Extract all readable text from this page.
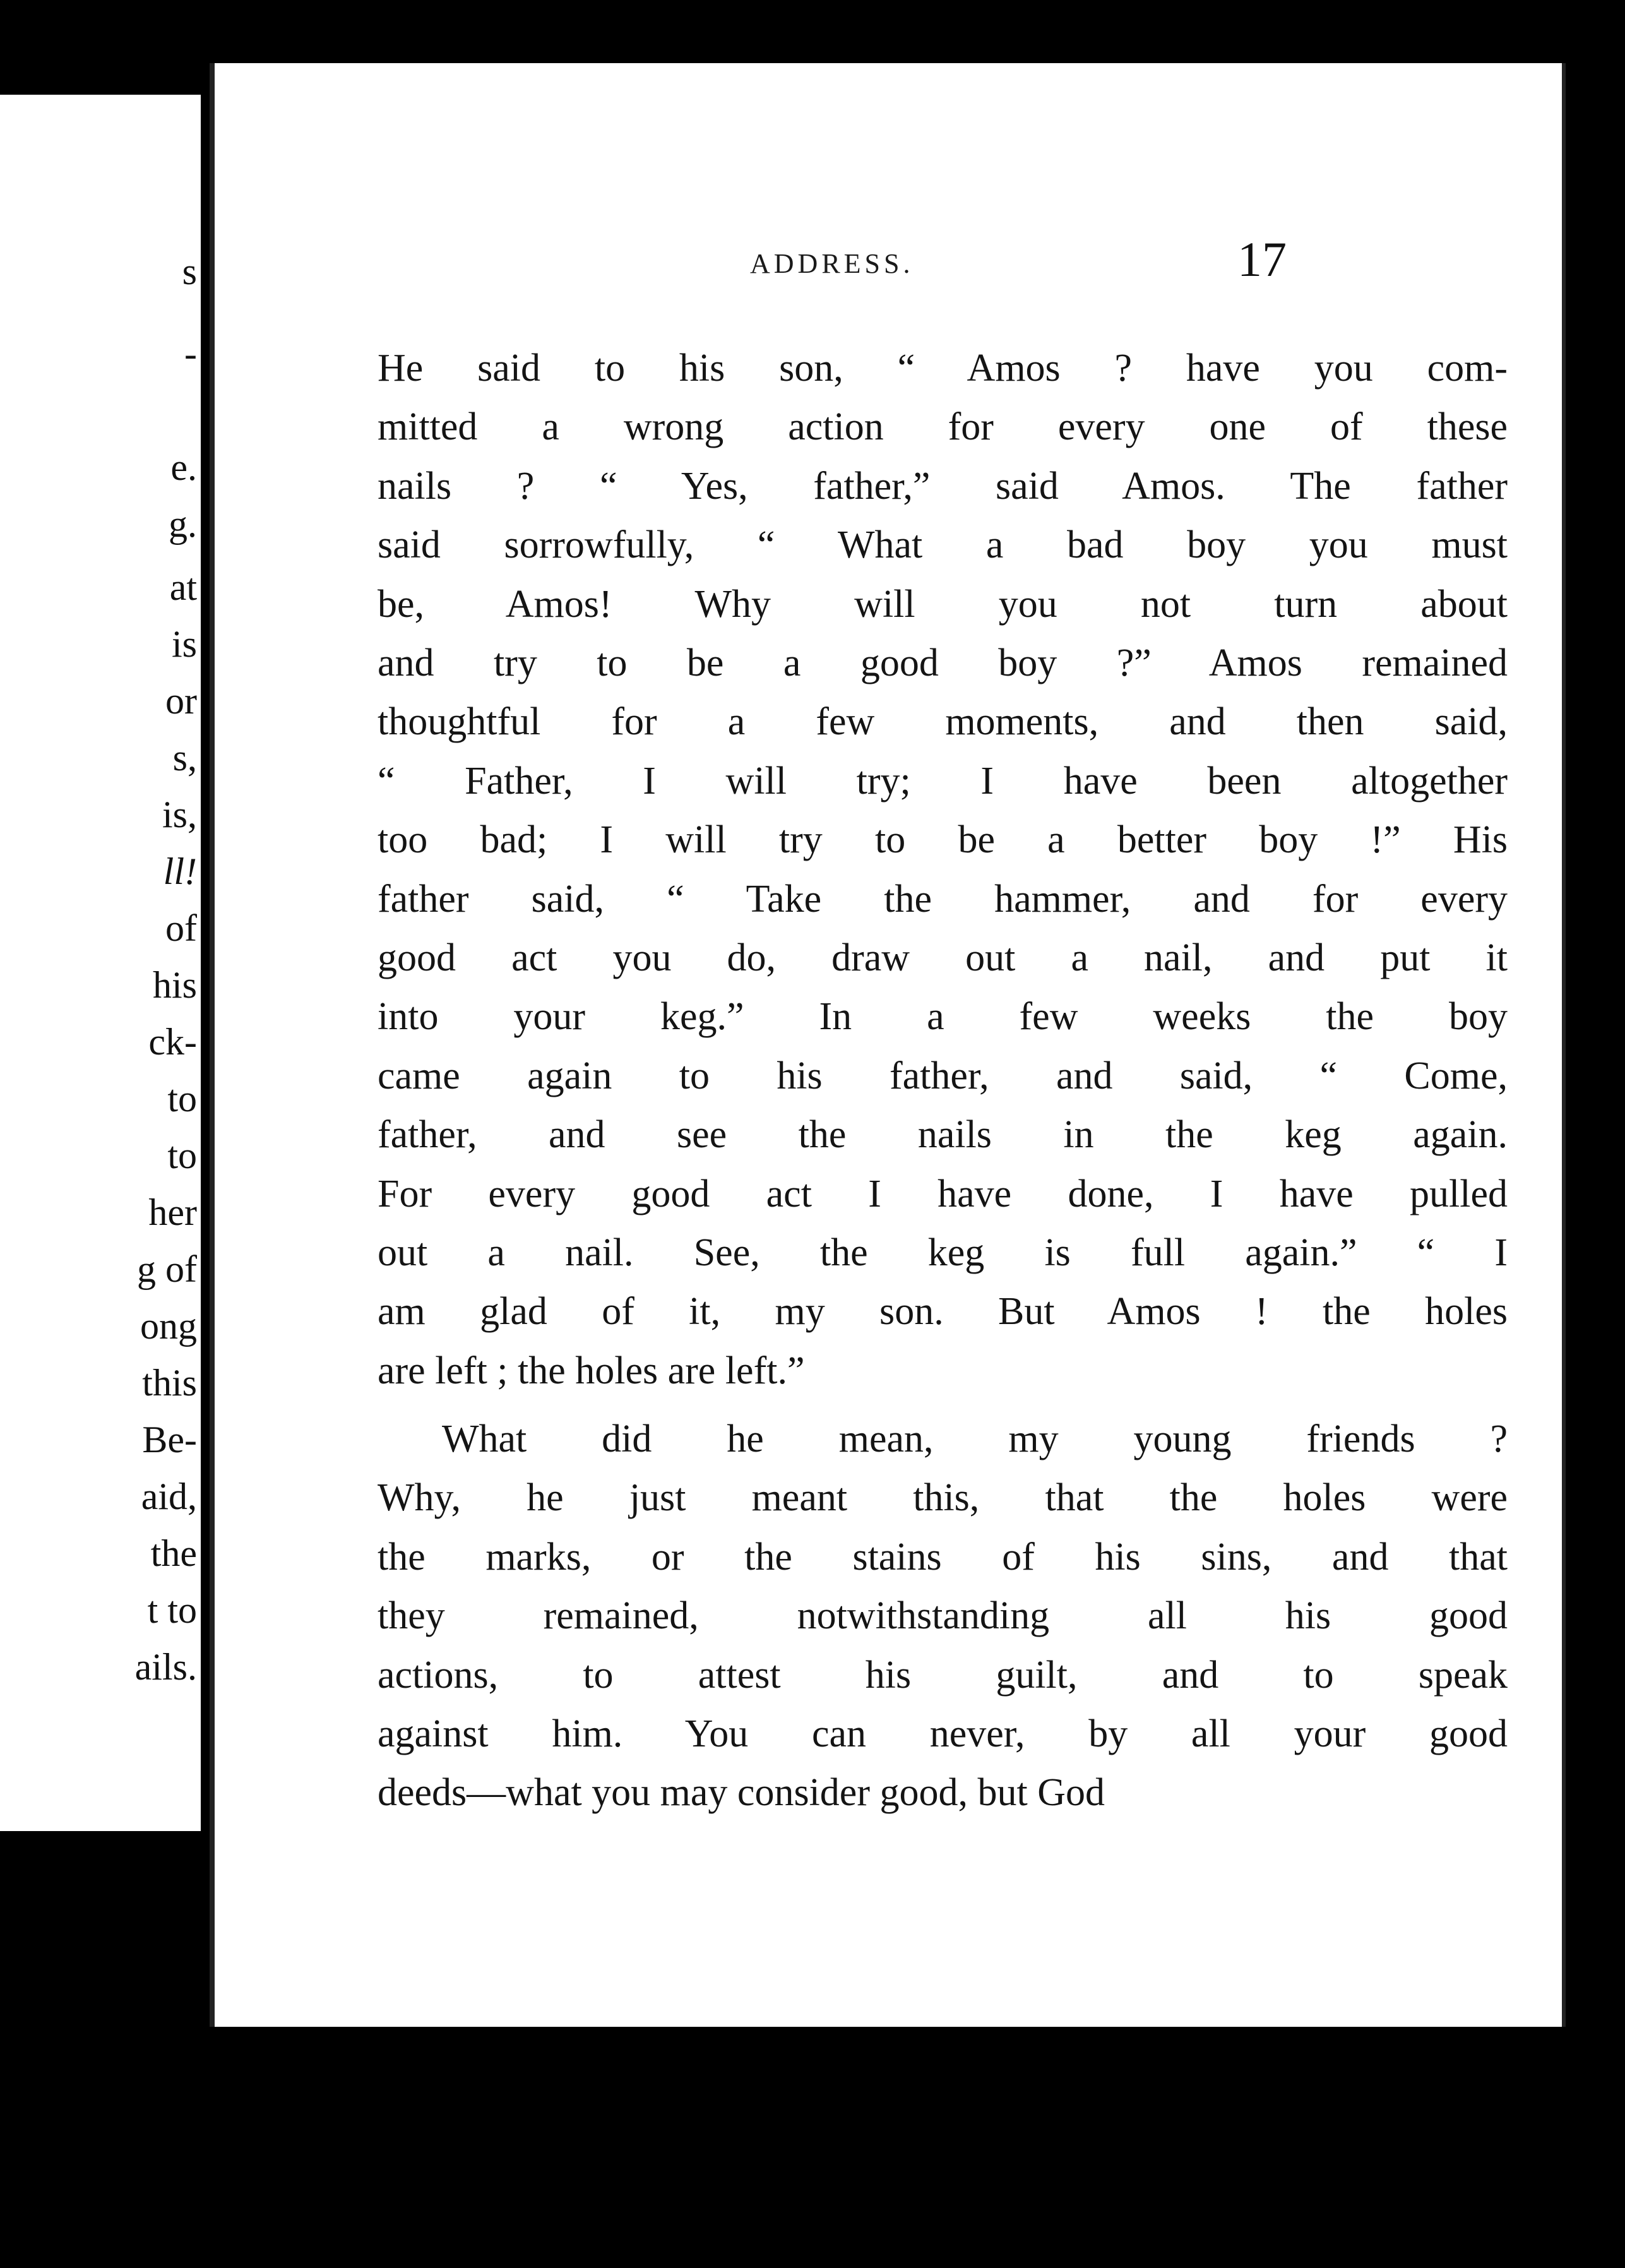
s
-
e.
g.
at
is
or
s,
is,
ll!
of
his
ck-
to
to
her
g of
ong
this
Be-
aid,
the
t to
ails.
ADDRESS.	17
He said to his son, “ Amos ? have you com-
mitted a wrong action for every one of these
nails ? “ Yes, father,” said Amos. The father
said sorrowfully, “ What a bad boy you must
be, Amos! Why will you not turn about
and try to be a good boy ?” Amos remained
thoughtful for a few moments, and then said,
“ Father, I will try; I have been altogether
too bad; I will try to be a better boy !” His
father said, “ Take the hammer, and for every
good act you do, draw out a nail, and put it
into your keg.” In a few weeks the boy
came again to his father, and said, “ Come,
father, and see the nails in the keg again.
For every good act I have done, I have pulled
out a nail. See, the keg is full again.” “ I
am glad of it, my son. But Amos ! the holes
are left ; the holes are left.”
What did he mean, my young friends ?
Why, he just meant this, that the holes were
the marks, or the stains of his sins, and that
they remained, notwithstanding all his good
actions, to attest his guilt, and to speak
against him. You can never, by all your good
deeds—what you may consider good, but God
